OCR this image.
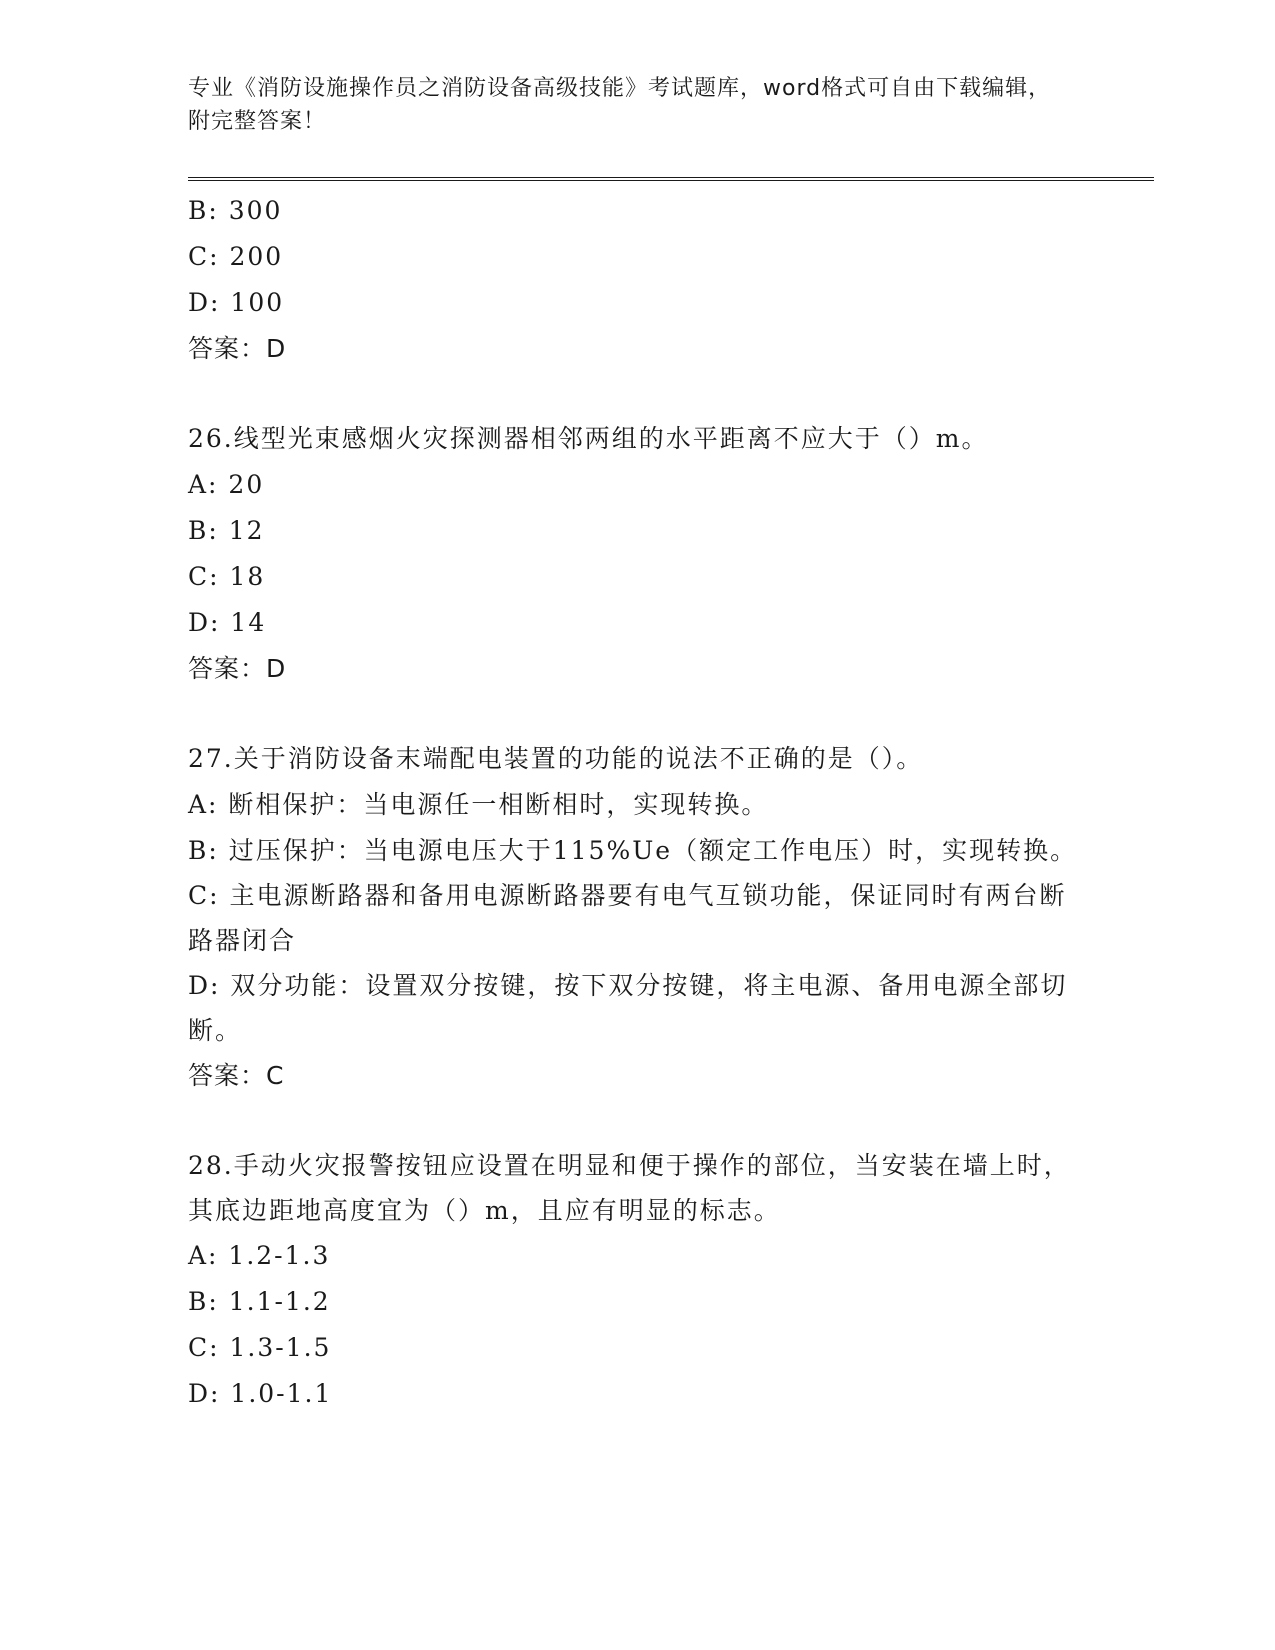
专业《消防设施操作员之消防设备高级技能》考试题库，word格式可自由下载编辑，附完整答案！

B: 300

C: 200

D: 100

答案：D

26.线型光束感烟火灾探测器相邻两组的水平距离不应大于（）m。

A: 20

B: 12

C: 18

D: 14

答案：D

27.关于消防设备末端配电装置的功能的说法不正确的是（）。

A: 断相保护：当电源任一相断相时，实现转换。

B: 过压保护：当电源电压大于115%Ue（额定工作电压）时，实现转换。

C: 主电源断路器和备用电源断路器要有电气互锁功能，保证同时有两台断路器闭合

D: 双分功能：设置双分按键，按下双分按键，将主电源、备用电源全部切断。

答案：C

28.手动火灾报警按钮应设置在明显和便于操作的部位，当安装在墙上时，其底边距地高度宜为（）m，且应有明显的标志。

A: 1.2-1.3

B: 1.1-1.2

C: 1.3-1.5

D: 1.0-1.1
